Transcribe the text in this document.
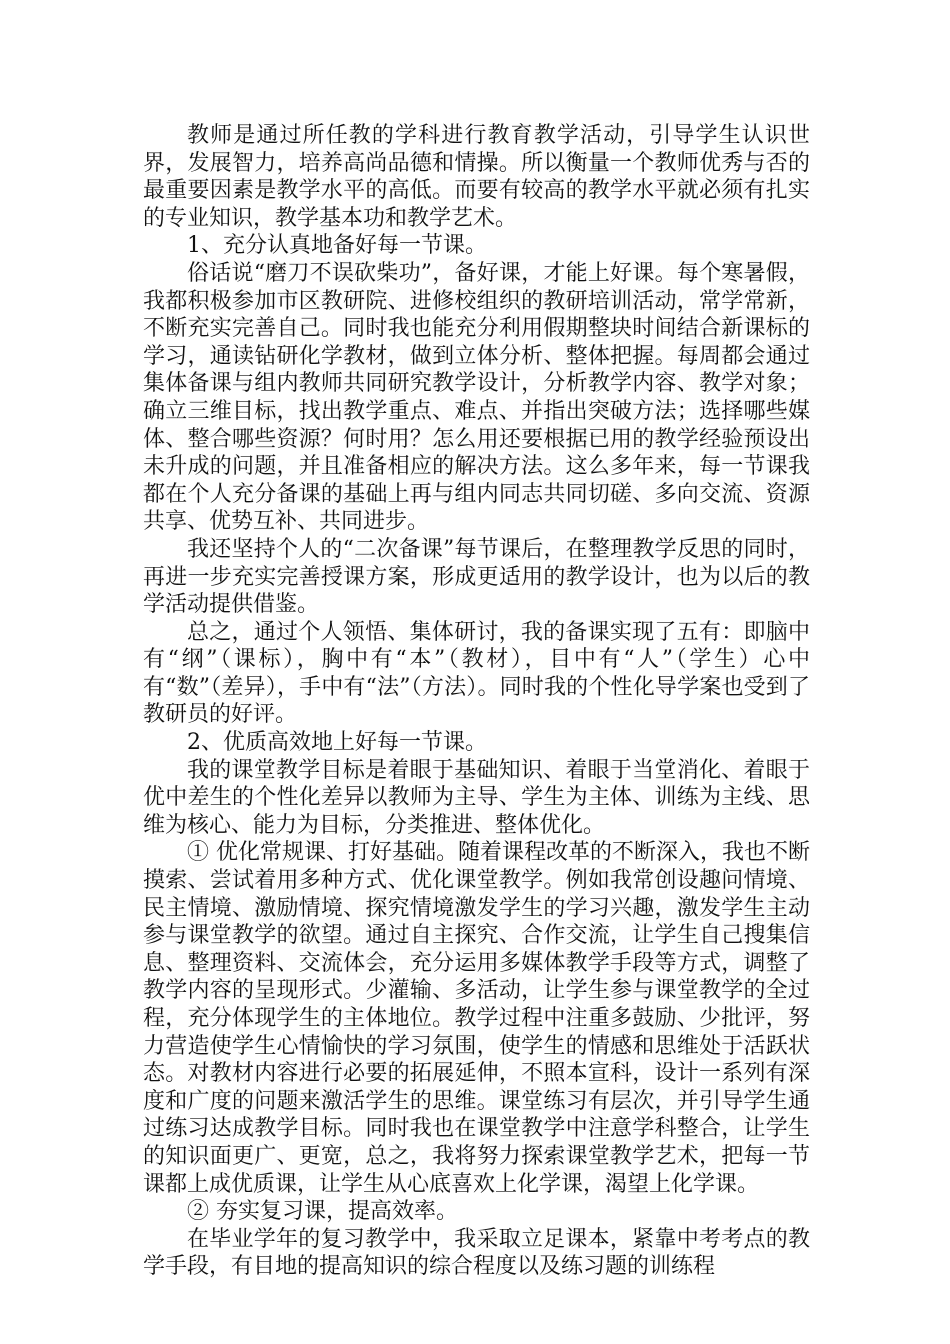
教师是通过所任教的学科进行教育教学活动，引导学生认识世界，发展智力，培养高尚品德和情操。所以衡量一个教师优秀与否的最重要因素是教学水平的高低。而要有较高的教学水平就必须有扎实的专业知识，教学基本功和教学艺术。

1、充分认真地备好每一节课。

俗话说“磨刀不误砍柴功”，备好课，才能上好课。每个寒暑假，我都积极参加市区教研院、进修校组织的教研培训活动，常学常新，不断充实完善自己。同时我也能充分利用假期整块时间结合新课标的学习，通读钻研化学教材，做到立体分析、整体把握。每周都会通过集体备课与组内教师共同研究教学设计，分析教学内容、教学对象；确立三维目标，找出教学重点、难点、并指出突破方法；选择哪些媒体、整合哪些资源？何时用？怎么用还要根据已用的教学经验预设出未升成的问题，并且准备相应的解决方法。这么多年来，每一节课我都在个人充分备课的基础上再与组内同志共同切磋、多向交流、资源共享、优势互补、共同进步。

我还坚持个人的“二次备课”每节课后，在整理教学反思的同时，再进一步充实完善授课方案，形成更适用的教学设计，也为以后的教学活动提供借鉴。

总之，通过个人领悟、集体研讨，我的备课实现了五有：即脑中有“纲”（课标），胸中有“本”（教材），目中有“人”（学生）心中有“数”（差异），手中有“法”（方法）。同时我的个性化导学案也受到了教研员的好评。

2、优质高效地上好每一节课。

我的课堂教学目标是着眼于基础知识、着眼于当堂消化、着眼于优中差生的个性化差异以教师为主导、学生为主体、训练为主线、思维为核心、能力为目标，分类推进、整体优化。

① 优化常规课、打好基础。随着课程改革的不断深入，我也不断摸索、尝试着用多种方式、优化课堂教学。例如我常创设趣问情境、民主情境、激励情境、探究情境激发学生的学习兴趣，激发学生主动参与课堂教学的欲望。通过自主探究、合作交流，让学生自己搜集信息、整理资料、交流体会，充分运用多媒体教学手段等方式，调整了教学内容的呈现形式。少灌输、多活动，让学生参与课堂教学的全过程，充分体现学生的主体地位。教学过程中注重多鼓励、少批评，努力营造使学生心情愉快的学习氛围，使学生的情感和思维处于活跃状态。对教材内容进行必要的拓展延伸，不照本宣科，设计一系列有深度和广度的问题来激活学生的思维。课堂练习有层次，并引导学生通过练习达成教学目标。同时我也在课堂教学中注意学科整合，让学生的知识面更广、更宽，总之，我将努力探索课堂教学艺术，把每一节课都上成优质课，让学生从心底喜欢上化学课，渴望上化学课。

② 夯实复习课，提高效率。

在毕业学年的复习教学中，我采取立足课本，紧靠中考考点的教学手段，有目地的提高知识的综合程度以及练习题的训练程
